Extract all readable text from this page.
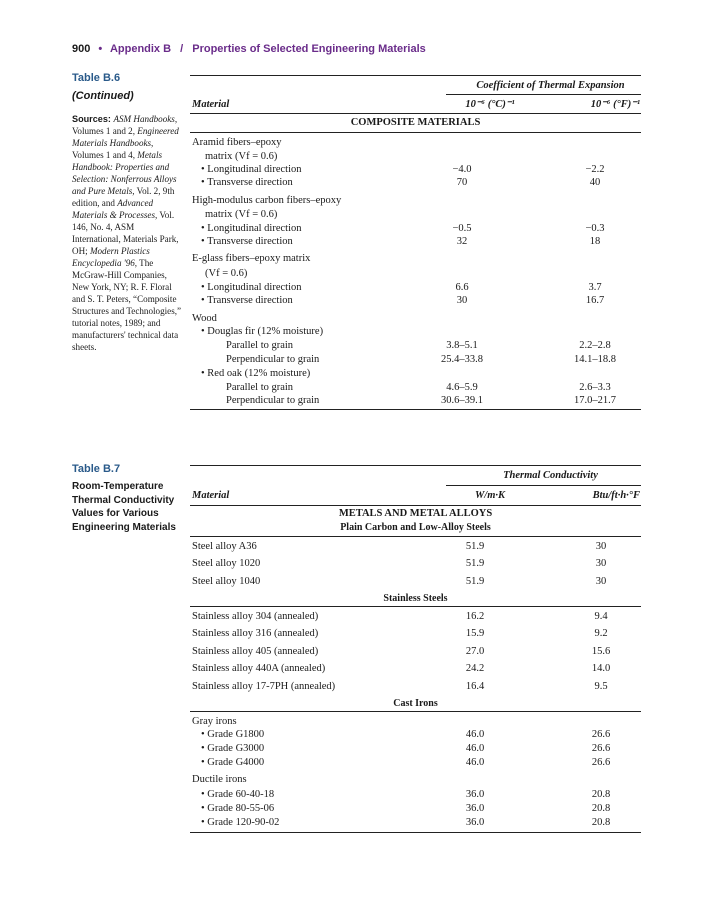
900 • Appendix B / Properties of Selected Engineering Materials
Table B.6
(Continued)
Sources: ASM Handbooks, Volumes 1 and 2, Engineered Materials Handbooks, Volumes 1 and 4, Metals Handbook: Properties and Selection: Nonferrous Alloys and Pure Metals, Vol. 2, 9th edition, and Advanced Materials & Processes, Vol. 146, No. 4, ASM International, Materials Park, OH; Modern Plastics Encyclopedia '96, The McGraw-Hill Companies, New York, NY; R. F. Floral and S. T. Peters, “Composite Structures and Technologies,” tutorial notes, 1989; and manufacturers' technical data sheets.
Coefficient of Thermal Expansion
Material	10⁻⁶ (°C)⁻¹	10⁻⁶ (°F)⁻¹
COMPOSITE MATERIALS
Aramid fibers–epoxy
matrix (Vf = 0.6)
• Longitudinal direction	−4.0	−2.2
• Transverse direction	70	40
High-modulus carbon fibers–epoxy
matrix (Vf = 0.6)
• Longitudinal direction	−0.5	−0.3
• Transverse direction	32	18
E-glass fibers–epoxy matrix
(Vf = 0.6)
• Longitudinal direction	6.6	3.7
• Transverse direction	30	16.7
Wood
• Douglas fir (12% moisture)
Parallel to grain	3.8–5.1	2.2–2.8
Perpendicular to grain	25.4–33.8	14.1–18.8
• Red oak (12% moisture)
Parallel to grain	4.6–5.9	2.6–3.3
Perpendicular to grain	30.6–39.1	17.0–21.7
Table B.7
Room-Temperature
Thermal Conductivity
Values for Various
Engineering Materials
Thermal Conductivity
Material	W/m·K	Btu/ft·h·°F
METALS AND METAL ALLOYS
Plain Carbon and Low-Alloy Steels
Steel alloy A36	51.9	30
Steel alloy 1020	51.9	30
Steel alloy 1040	51.9	30
Stainless Steels
Stainless alloy 304 (annealed)	16.2	9.4
Stainless alloy 316 (annealed)	15.9	9.2
Stainless alloy 405 (annealed)	27.0	15.6
Stainless alloy 440A (annealed)	24.2	14.0
Stainless alloy 17-7PH (annealed)	16.4	9.5
Cast Irons
Gray irons
• Grade G1800	46.0	26.6
• Grade G3000	46.0	26.6
• Grade G4000	46.0	26.6
Ductile irons
• Grade 60-40-18	36.0	20.8
• Grade 80-55-06	36.0	20.8
• Grade 120-90-02	36.0	20.8
